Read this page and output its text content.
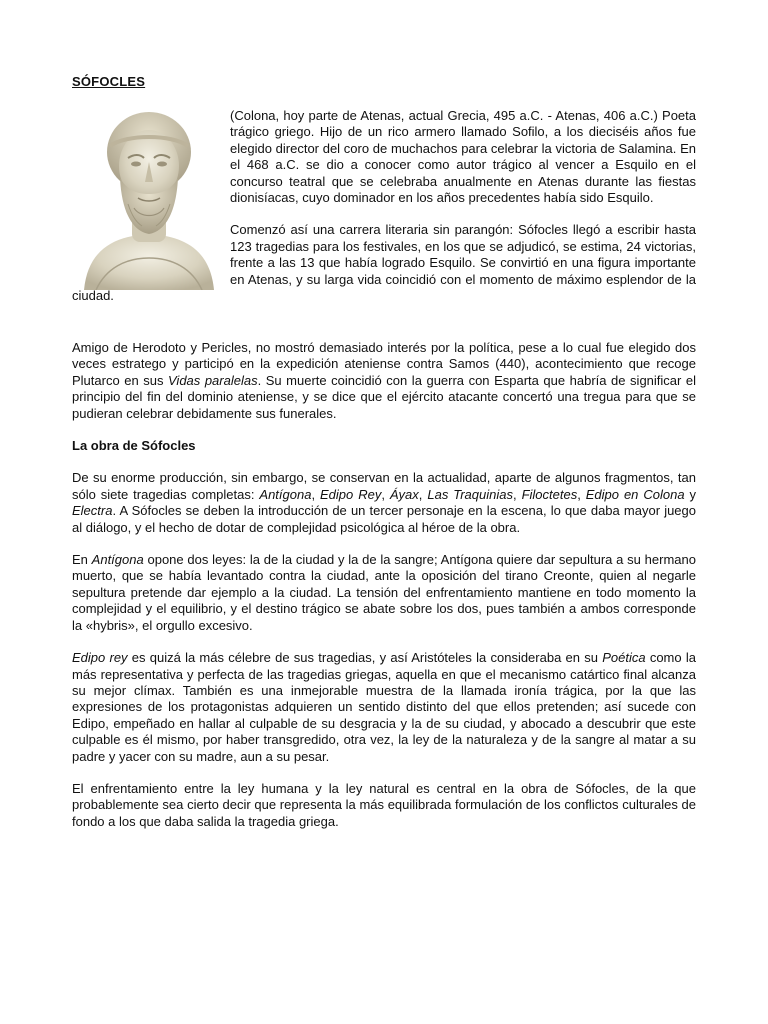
SÓFOCLES

(Colona, hoy parte de Atenas, actual Grecia, 495 a.C. - Atenas, 406 a.C.) Poeta trágico griego. Hijo de un rico armero llamado Sofilo, a los dieciséis años fue elegido director del coro de muchachos para celebrar la victoria de Salamina. En el 468 a.C. se dio a conocer como autor trágico al vencer a Esquilo en el concurso teatral que se celebraba anualmente en Atenas durante las fiestas dionisíacas, cuyo dominador en los años precedentes había sido Esquilo.

Comenzó así una carrera literaria sin parangón: Sófocles llegó a escribir hasta 123 tragedias para los festivales, en los que se adjudicó, se estima, 24 victorias, frente a las 13 que había logrado Esquilo. Se convirtió en una figura importante en Atenas, y su larga vida coincidió con el momento de máximo esplendor de la ciudad.

Amigo de Herodoto y Pericles, no mostró demasiado interés por la política, pese a lo cual fue elegido dos veces estratego y participó en la expedición ateniense contra Samos (440), acontecimiento que recoge Plutarco en sus Vidas paralelas. Su muerte coincidió con la guerra con Esparta que habría de significar el principio del fin del dominio ateniense, y se dice que el ejército atacante concertó una tregua para que se pudieran celebrar debidamente sus funerales.

La obra de Sófocles

De su enorme producción, sin embargo, se conservan en la actualidad, aparte de algunos fragmentos, tan sólo siete tragedias completas: Antígona, Edipo Rey, Áyax, Las Traquinias, Filoctetes, Edipo en Colona y Electra. A Sófocles se deben la introducción de un tercer personaje en la escena, lo que daba mayor juego al diálogo, y el hecho de dotar de complejidad psicológica al héroe de la obra.

En Antígona opone dos leyes: la de la ciudad y la de la sangre; Antígona quiere dar sepultura a su hermano muerto, que se había levantado contra la ciudad, ante la oposición del tirano Creonte, quien al negarle sepultura pretende dar ejemplo a la ciudad. La tensión del enfrentamiento mantiene en todo momento la complejidad y el equilibrio, y el destino trágico se abate sobre los dos, pues también a ambos corresponde la «hybris», el orgullo excesivo.

Edipo rey es quizá la más célebre de sus tragedias, y así Aristóteles la consideraba en su Poética como la más representativa y perfecta de las tragedias griegas, aquella en que el mecanismo catártico final alcanza su mejor clímax. También es una inmejorable muestra de la llamada ironía trágica, por la que las expresiones de los protagonistas adquieren un sentido distinto del que ellos pretenden; así sucede con Edipo, empeñado en hallar al culpable de su desgracia y la de su ciudad, y abocado a descubrir que este culpable es él mismo, por haber transgredido, otra vez, la ley de la naturaleza y de la sangre al matar a su padre y yacer con su madre, aun a su pesar.

El enfrentamiento entre la ley humana y la ley natural es central en la obra de Sófocles, de la que probablemente sea cierto decir que representa la más equilibrada formulación de los conflictos culturales de fondo a los que daba salida la tragedia griega.
